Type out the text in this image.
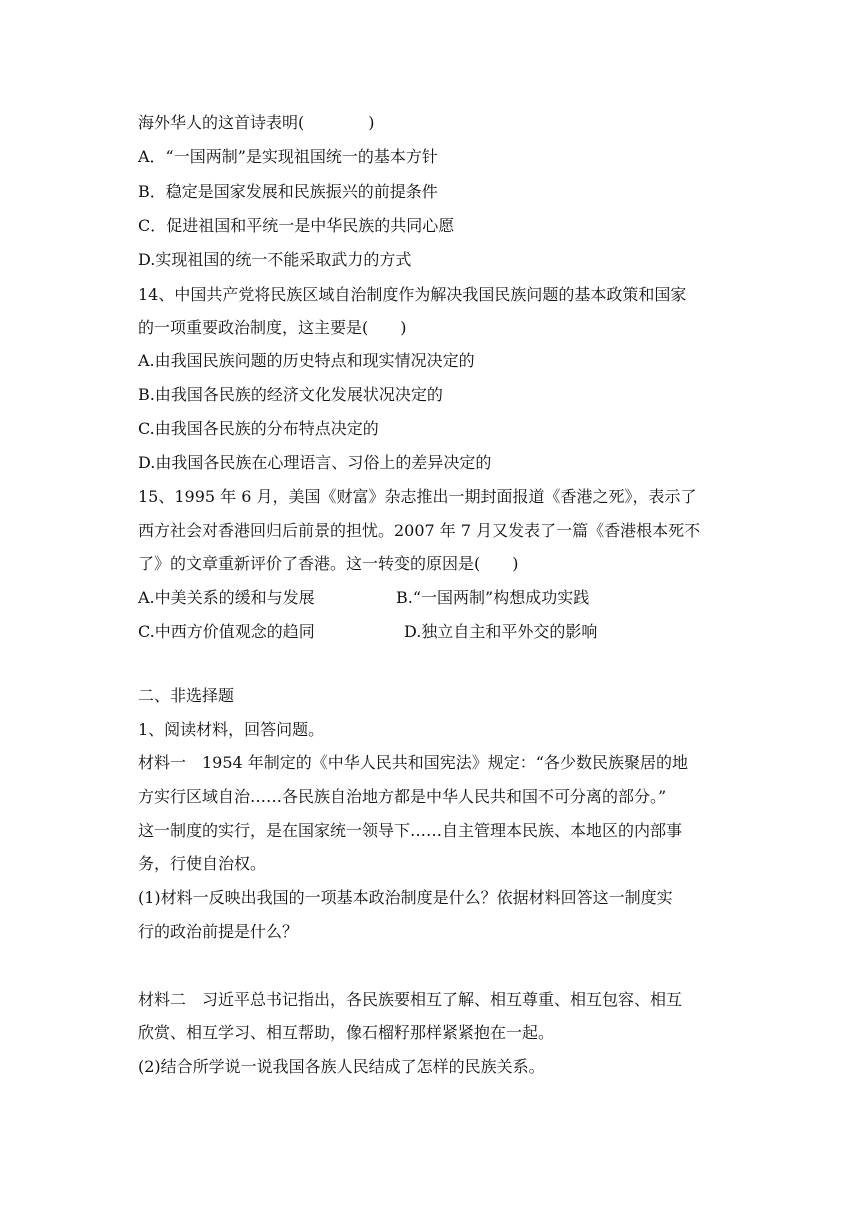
海外华人的这首诗表明(　　　　)
A．“一国两制”是实现祖国统一的基本方针
B．稳定是国家发展和民族振兴的前提条件
C．促进祖国和平统一是中华民族的共同心愿
D.实现祖国的统一不能采取武力的方式
14、中国共产党将民族区域自治制度作为解决我国民族问题的基本政策和国家
的一项重要政治制度，这主要是(　　)
A.由我国民族问题的历史特点和现实情况决定的
B.由我国各民族的经济文化发展状况决定的
C.由我国各民族的分布特点决定的
D.由我国各民族在心理语言、习俗上的差异决定的
15、1995 年 6 月，美国《财富》杂志推出一期封面报道《香港之死》，表示了
西方社会对香港回归后前景的担忧。2007 年 7 月又发表了一篇《香港根本死不
了》的文章重新评价了香港。这一转变的原因是(　　)
A.中美关系的缓和与发展	B.“一国两制”构想成功实践
C.中西方价值观念的趋同	D.独立自主和平外交的影响
二、非选择题
1、阅读材料，回答问题。
材料一　1954 年制定的《中华人民共和国宪法》规定：“各少数民族聚居的地
方实行区域自治……各民族自治地方都是中华人民共和国不可分离的部分。”
这一制度的实行，是在国家统一领导下……自主管理本民族、本地区的内部事
务，行使自治权。
(1)材料一反映出我国的一项基本政治制度是什么？依据材料回答这一制度实
行的政治前提是什么？
材料二　习近平总书记指出，各民族要相互了解、相互尊重、相互包容、相互
欣赏、相互学习、相互帮助，像石榴籽那样紧紧抱在一起。
(2)结合所学说一说我国各族人民结成了怎样的民族关系。
